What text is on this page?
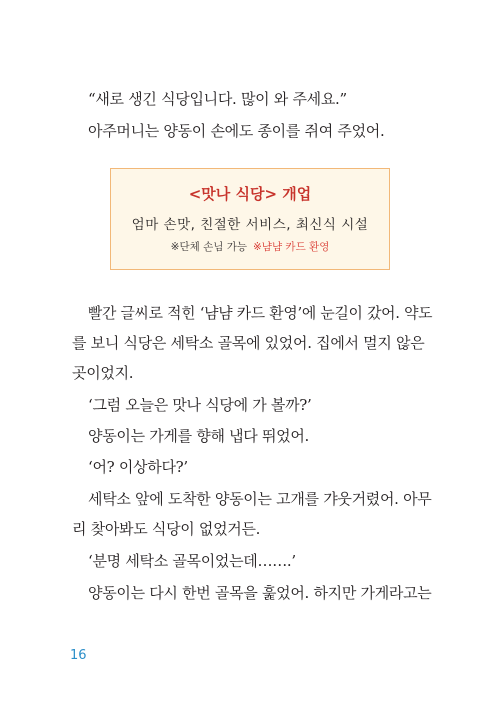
“새로 생긴 식당입니다. 많이 와 주세요.”
아주머니는 양동이 손에도 종이를 쥐여 주었어.
<맛나 식당> 개업
엄마 손맛, 친절한 서비스, 최신식 시설
※단체 손님 가능 ※냠냠 카드 환영
빨간 글씨로 적힌 ‘냠냠 카드 환영’에 눈길이 갔어. 약도
를 보니 식당은 세탁소 골목에 있었어. 집에서 멀지 않은
곳이었지.
‘그럼 오늘은 맛나 식당에 가 볼까?’
양동이는 가게를 향해 냅다 뛰었어.
‘어? 이상하다?’
세탁소 앞에 도착한 양동이는 고개를 갸웃거렸어. 아무
리 찾아봐도 식당이 없었거든.
‘분명 세탁소 골목이었는데…….’
양동이는 다시 한번 골목을 훑었어. 하지만 가게라고는
16
